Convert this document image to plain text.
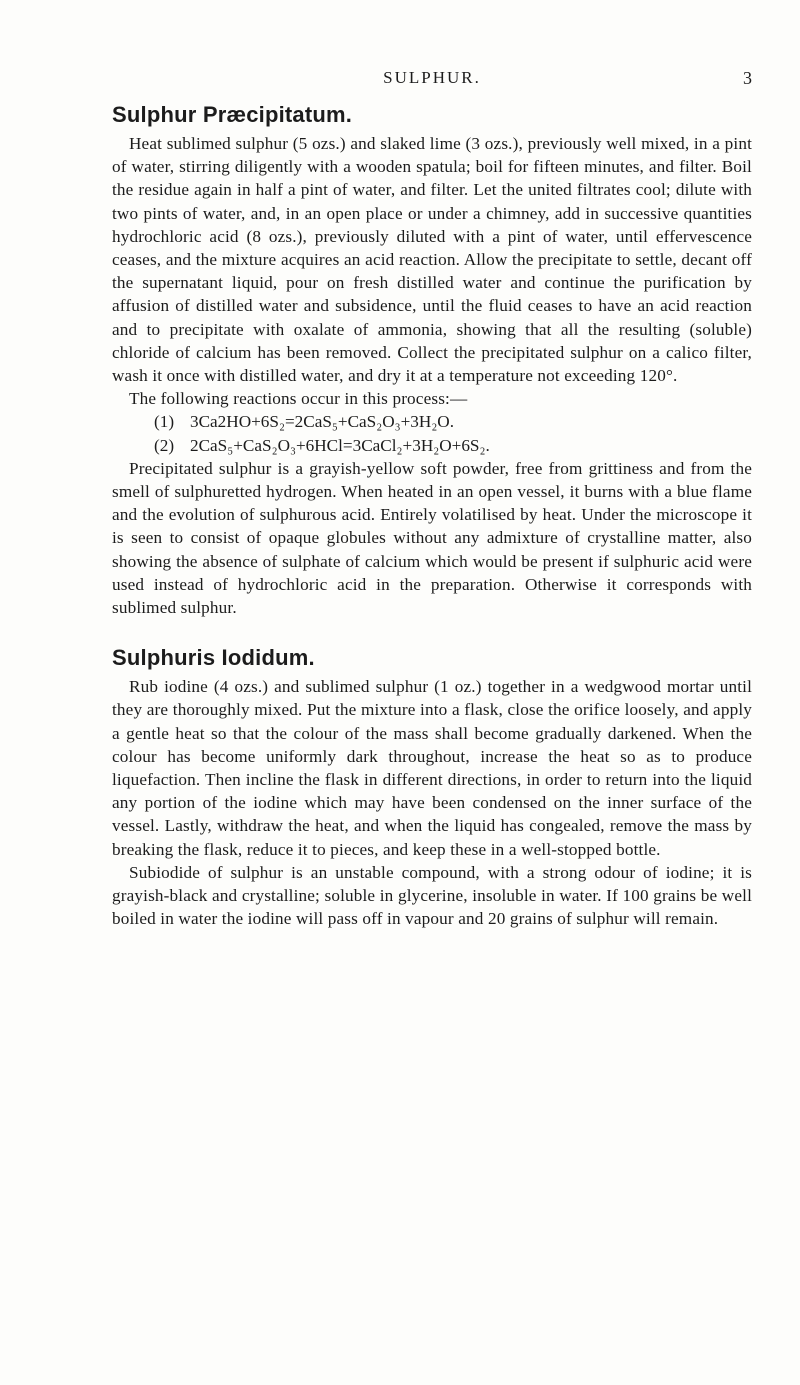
SULPHUR.	3
Sulphur Præcipitatum.

Heat sublimed sulphur (5 ozs.) and slaked lime (3 ozs.), previously well mixed, in a pint of water, stirring diligently with a wooden spatula; boil for fifteen minutes, and filter. Boil the residue again in half a pint of water, and filter. Let the united filtrates cool; dilute with two pints of water, and, in an open place or under a chimney, add in successive quantities hydrochloric acid (8 ozs.), previously diluted with a pint of water, until effervescence ceases, and the mixture acquires an acid reaction. Allow the precipitate to settle, decant off the supernatant liquid, pour on fresh distilled water and continue the purification by affusion of distilled water and subsidence, until the fluid ceases to have an acid reaction and to precipitate with oxalate of ammonia, showing that all the resulting (soluble) chloride of calcium has been removed. Collect the precipitated sulphur on a calico filter, wash it once with distilled water, and dry it at a temperature not exceeding 120°.

The following reactions occur in this process:—

(1) 3Ca2HO+6S₂=2CaS₅+CaS₂O₃+3H₂O.
(2) 2CaS₅+CaS₂O₃+6HCl=3CaCl₂+3H₂O+6S₂.

Precipitated sulphur is a grayish-yellow soft powder, free from grittiness and from the smell of sulphuretted hydrogen. When heated in an open vessel, it burns with a blue flame and the evolution of sulphurous acid. Entirely volatilised by heat. Under the microscope it is seen to consist of opaque globules without any admixture of crystalline matter, also showing the absence of sulphate of calcium which would be present if sulphuric acid were used instead of hydrochloric acid in the preparation. Otherwise it corresponds with sublimed sulphur.

Sulphuris Iodidum.

Rub iodine (4 ozs.) and sublimed sulphur (1 oz.) together in a wedgwood mortar until they are thoroughly mixed. Put the mixture into a flask, close the orifice loosely, and apply a gentle heat so that the colour of the mass shall become gradually darkened. When the colour has become uniformly dark throughout, increase the heat so as to produce liquefaction. Then incline the flask in different directions, in order to return into the liquid any portion of the iodine which may have been condensed on the inner surface of the vessel. Lastly, withdraw the heat, and when the liquid has congealed, remove the mass by breaking the flask, reduce it to pieces, and keep these in a well-stopped bottle.

Subiodide of sulphur is an unstable compound, with a strong odour of iodine; it is grayish-black and crystalline; soluble in glycerine, insoluble in water. If 100 grains be well boiled in water the iodine will pass off in vapour and 20 grains of sulphur will remain.
